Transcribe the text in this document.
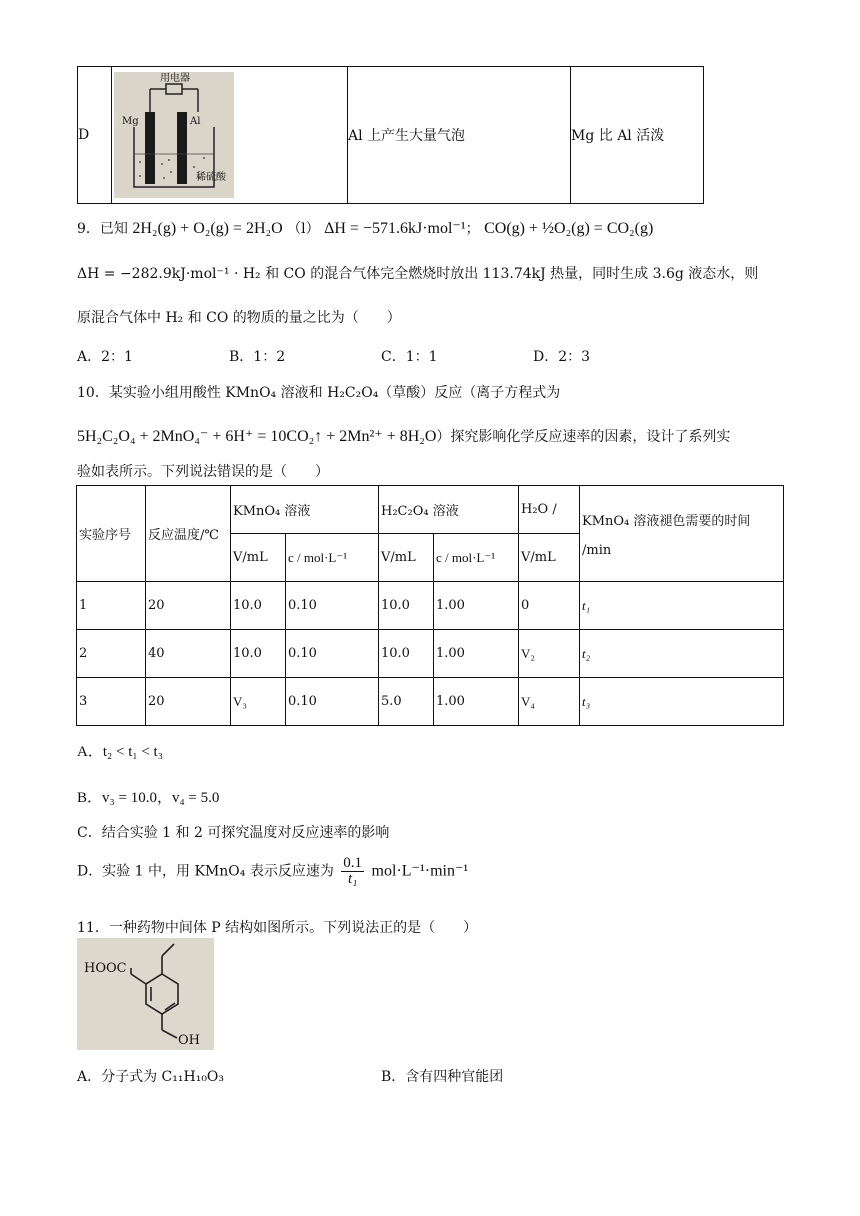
D	
用电器
Mg	Al
稀硫酸
	Al 上产生大量气泡	Mg 比 Al 活泼
9．已知 2H₂(g) + O₂(g) = 2H₂O （l） ΔH = −571.6kJ·mol⁻¹； CO(g) + ½O₂(g) = CO₂(g)
ΔH = −282.9kJ·mol⁻¹ · H₂ 和 CO 的混合气体完全燃烧时放出 113.74kJ 热量，同时生成 3.6g 液态水，则
原混合气体中 H₂ 和 CO 的物质的量之比为（　　）
A．2：1	B．1：2	C．1：1	D．2：3
10．某实验小组用酸性 KMnO₄ 溶液和 H₂C₂O₄（草酸）反应（离子方程式为
5H₂C₂O₄ + 2MnO₄⁻ + 6H⁺ = 10CO₂↑ + 2Mn²⁺ + 8H₂O）探究影响化学反应速率的因素，设计了系列实
验如表所示。下列说法错误的是（　　）
实验序号	反应温度/℃	KMnO₄ 溶液		H₂C₂O₄ 溶液		H₂O /	KMnO₄ 溶液褪色需要的时间
/min

		V/mL	c / mol·L⁻¹	V/mL	c / mol·L⁻¹	V/mL	
1	20	10.0	0.10	10.0	1.00	0	t₁
2	40	10.0	0.10	10.0	1.00	V₂	t₂
3	20	V₃	0.10	5.0	1.00	V₄	t₃
A．t₂ < t₁ < t₃
B．v₃ = 10.0，v₄ = 5.0
C．结合实验 1 和 2 可探究温度对反应速率的影响
D．实验 1 中，用 KMnO₄ 表示反应速为 $\frac{0.1}{\text{t₁}} mol\cdot L^{-1}\cdot\min^{-1}$
11．一种药物中间体 P 结构如图所示。下列说法正的是（　　）
HOOC
OH
A．分子式为 C₁₁H₁₀O₃	B．含有四种官能团
